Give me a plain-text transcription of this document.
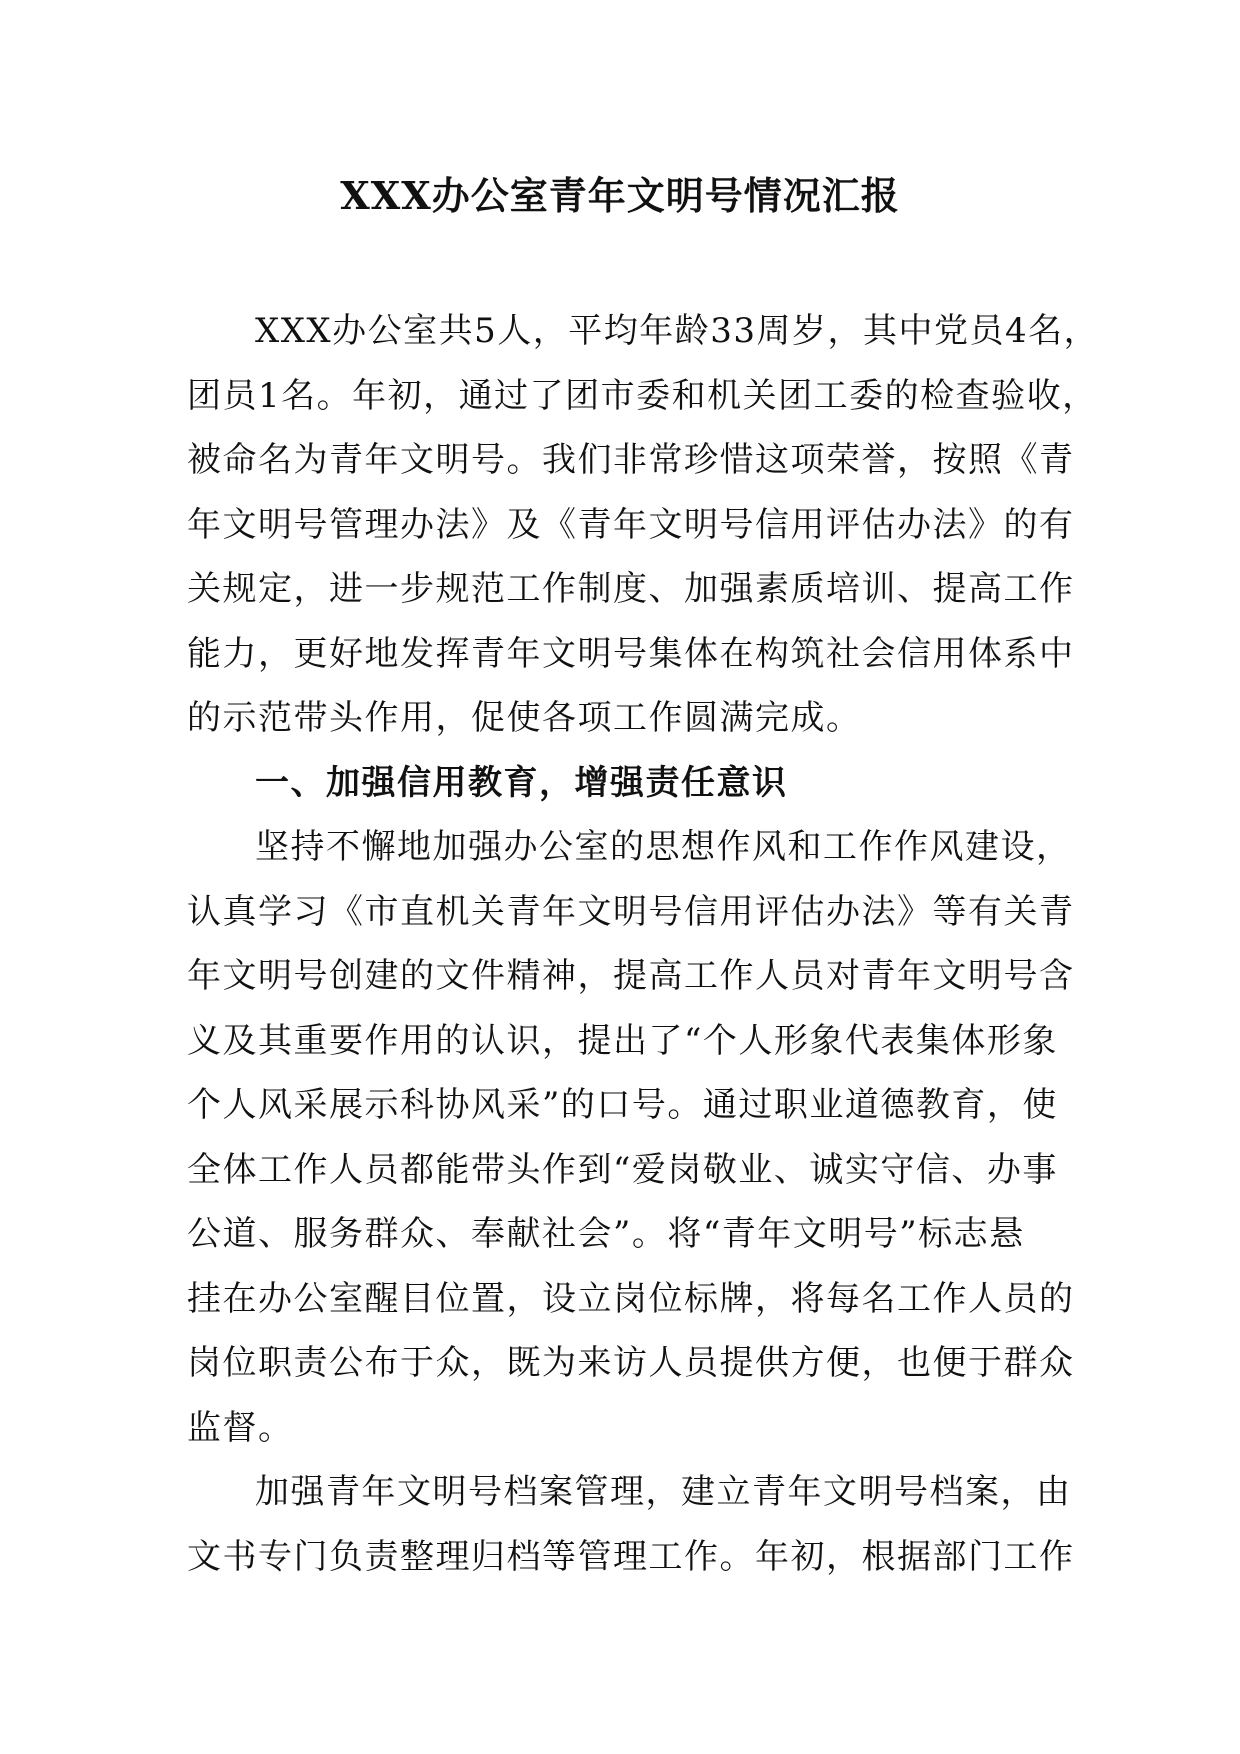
XXX办公室青年文明号情况汇报
XXX办公室共5人，平均年龄33周岁，其中党员4名，
团员1名。年初，通过了团市委和机关团工委的检查验收，
被命名为青年文明号。我们非常珍惜这项荣誉，按照《青
年文明号管理办法》及《青年文明号信用评估办法》的有
关规定，进一步规范工作制度、加强素质培训、提高工作
能力，更好地发挥青年文明号集体在构筑社会信用体系中
的示范带头作用，促使各项工作圆满完成。
一、加强信用教育，增强责任意识
坚持不懈地加强办公室的思想作风和工作作风建设，
认真学习《市直机关青年文明号信用评估办法》等有关青
年文明号创建的文件精神，提高工作人员对青年文明号含
义及其重要作用的认识，提出了“个人形象代表集体形象
个人风采展示科协风采”的口号。通过职业道德教育，使
全体工作人员都能带头作到“爱岗敬业、诚实守信、办事
公道、服务群众、奉献社会”。将“青年文明号”标志悬
挂在办公室醒目位置，设立岗位标牌，将每名工作人员的
岗位职责公布于众，既为来访人员提供方便，也便于群众
监督。
加强青年文明号档案管理，建立青年文明号档案，由
文书专门负责整理归档等管理工作。年初，根据部门工作
